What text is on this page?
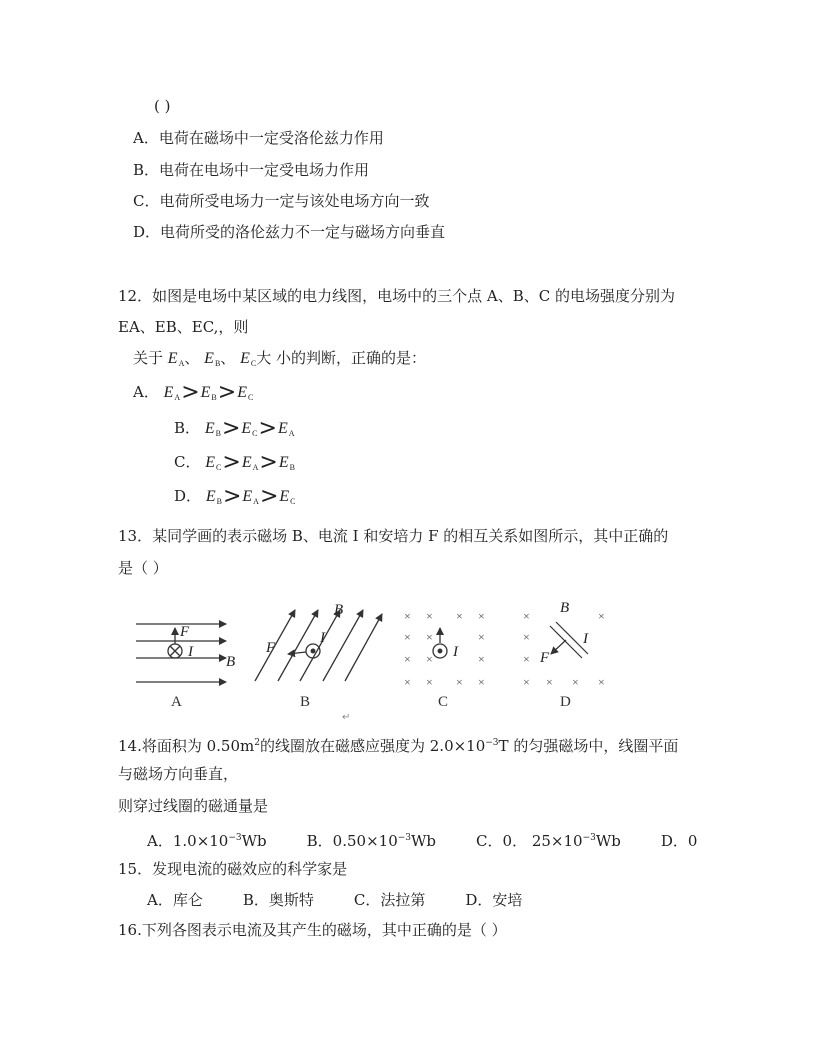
( )
A．电荷在磁场中一定受洛伦兹力作用
B．电荷在电场中一定受电场力作用
C．电荷所受电场力一定与该处电场方向一致
D．电荷所受的洛伦兹力不一定与磁场方向垂直
12．如图是电场中某区域的电力线图，电场中的三个点 A、B、C 的电场强度分别为
EA、EB、EC,，则
关于 $E_A$、 $E_B$、 $E_C$大 小的判断，正确的是：
A． $E_A>E_B>E_C$
B． $E_B>E_C>E_A$
C． $E_C>E_A>E_B$
D． $E_B>E_A>E_C$
13．某同学画的表示磁场 B、电流 I 和安培力 F 的相互关系如图所示，其中正确的
是（ ）
F
I
B
A
F
I
B
B
× × × ×
× ×	×
× ×	×
× × × ×
I
C
×	×
×
×
× × × ×
B
I
F
D
↵
14.将面积为 $0.50m^2$的线圈放在磁感应强度为 $2.0\times 10^{-3}T$ 的匀强磁场中，线圈平面
与磁场方向垂直，
则穿过线圈的磁通量是
A．$1.0\times 10^{-3}Wb$	B．$0.50\times 10^{-3}Wb$	C．0． $25\times 10^{-3}Wb$	D．0
15．发现电流的磁效应的科学家是
A．库仑	B．奥斯特	C．法拉第	D．安培
16.下列各图表示电流及其产生的磁场，其中正确的是（ ）
